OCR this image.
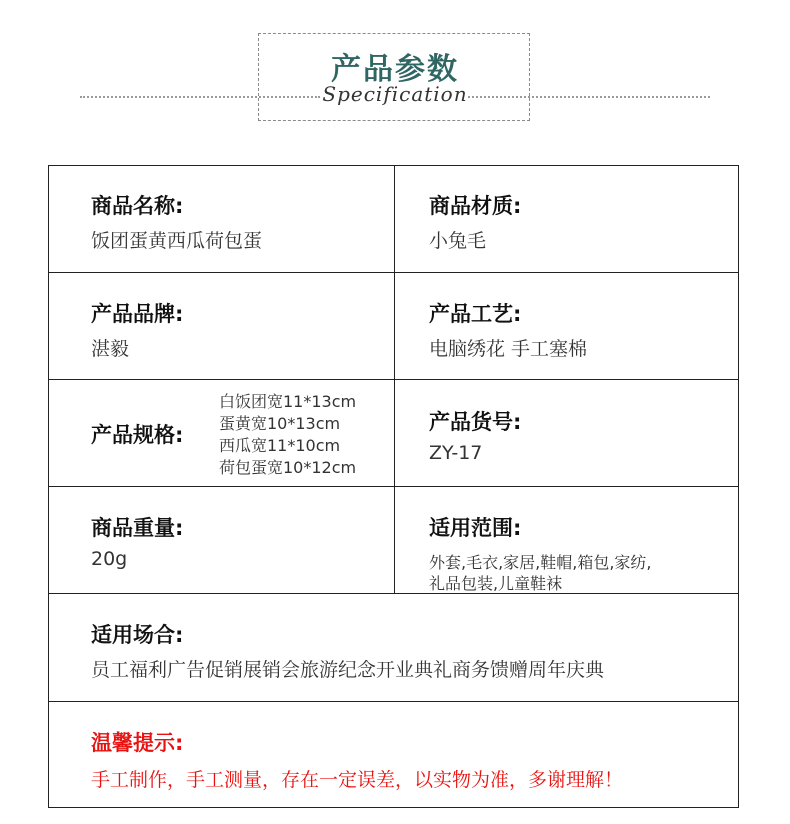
产品参数
Specification
商品名称:
饭团蛋黄西瓜荷包蛋
商品材质:
小兔毛
产品品牌:
湛毅
产品工艺:
电脑绣花 手工塞棉
产品规格:
白饭团宽11*13cm
蛋黄宽10*13cm
西瓜宽11*10cm
荷包蛋宽10*12cm
产品货号:
ZY-17
商品重量:
20g
适用范围:
外套,毛衣,家居,鞋帽,箱包,家纺,
礼品包装,儿童鞋袜
适用场合:
员工福利广告促销展销会旅游纪念开业典礼商务馈赠周年庆典
温馨提示:
手工制作，手工测量，存在一定误差，以实物为准，多谢理解！
